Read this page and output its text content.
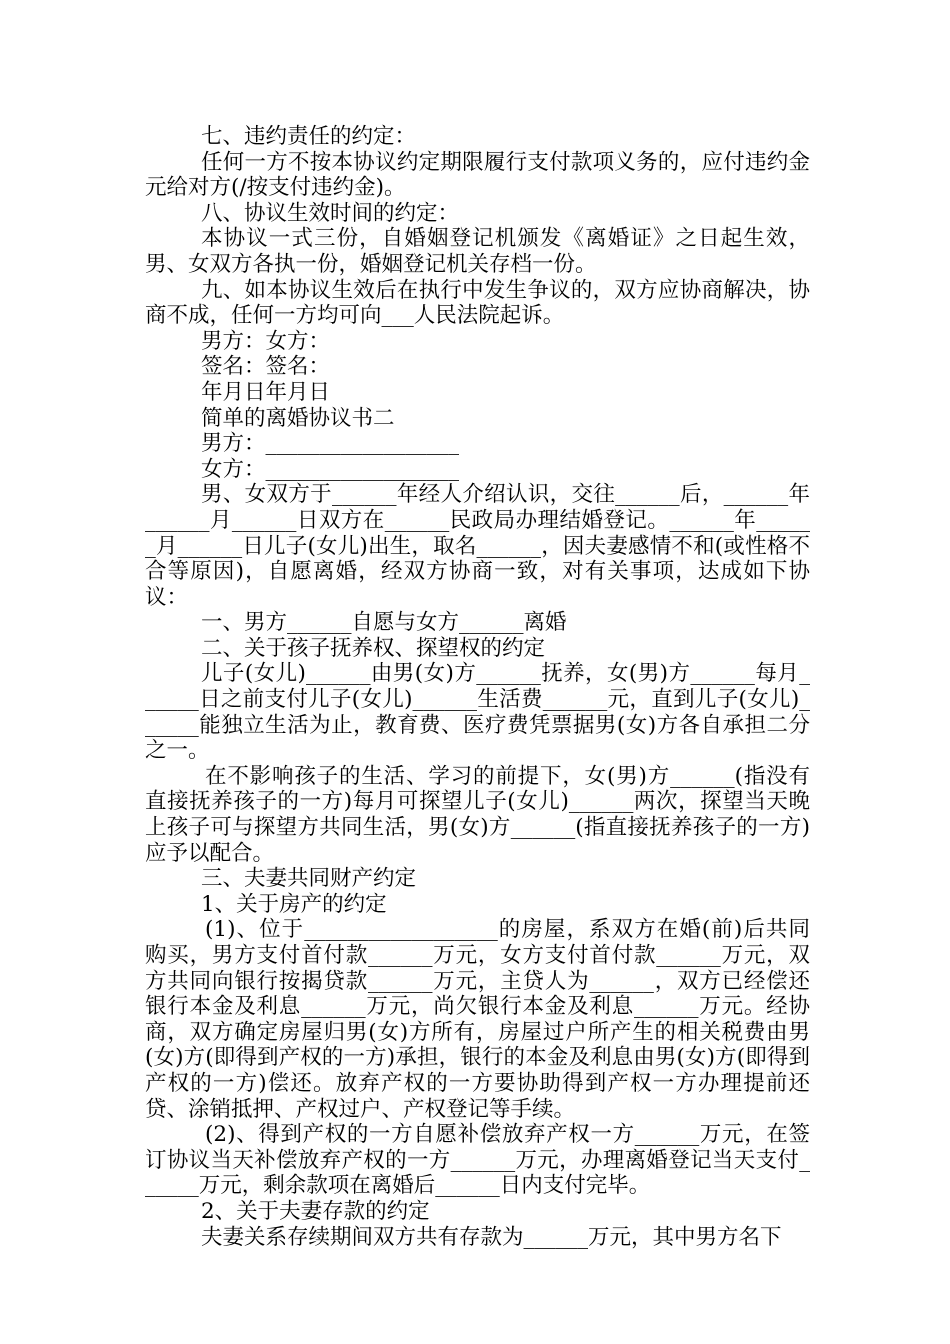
七、违约责任的约定：

任何一方不按本协议约定期限履行支付款项义务的，应付违约金元给对方(/按支付违约金)。

八、协议生效时间的约定：

本协议一式三份，自婚姻登记机颁发《离婚证》之日起生效，男、女双方各执一份，婚姻登记机关存档一份。

九、如本协议生效后在执行中发生争议的，双方应协商解决，协商不成，任何一方均可向___人民法院起诉。

男方：女方：

签名：签名：

年月日年月日

简单的离婚协议书二

男方：__________________

女方：__________________

男、女双方于______年经人介绍认识，交往______后，______年______月______日双方在______民政局办理结婚登记。______年______月______日儿子(女儿)出生，取名______，因夫妻感情不和(或性格不合等原因)，自愿离婚，经双方协商一致，对有关事项，达成如下协议：

一、男方______自愿与女方______离婚

二、关于孩子抚养权、探望权的约定

儿子(女儿)______由男(女)方______抚养，女(男)方______每月______日之前支付儿子(女儿)______生活费______元，直到儿子(女儿)______能独立生活为止，教育费、医疗费凭票据男(女)方各自承担二分之一。

在不影响孩子的生活、学习的前提下，女(男)方______(指没有直接抚养孩子的一方)每月可探望儿子(女儿)______两次，探望当天晚上孩子可与探望方共同生活，男(女)方______(指直接抚养孩子的一方)应予以配合。

三、夫妻共同财产约定

1、关于房产的约定

(1)、位于__________________的房屋，系双方在婚(前)后共同购买，男方支付首付款______万元，女方支付首付款______万元，双方共同向银行按揭贷款______万元，主贷人为______，双方已经偿还银行本金及利息______万元，尚欠银行本金及利息______万元。经协商，双方确定房屋归男(女)方所有，房屋过户所产生的相关税费由男(女)方(即得到产权的一方)承担，银行的本金及利息由男(女)方(即得到产权的一方)偿还。放弃产权的一方要协助得到产权一方办理提前还贷、涂销抵押、产权过户、产权登记等手续。

(2)、得到产权的一方自愿补偿放弃产权一方______万元，在签订协议当天补偿放弃产权的一方______万元，办理离婚登记当天支付______万元，剩余款项在离婚后______日内支付完毕。

2、关于夫妻存款的约定

夫妻关系存续期间双方共有存款为______万元，其中男方名下
